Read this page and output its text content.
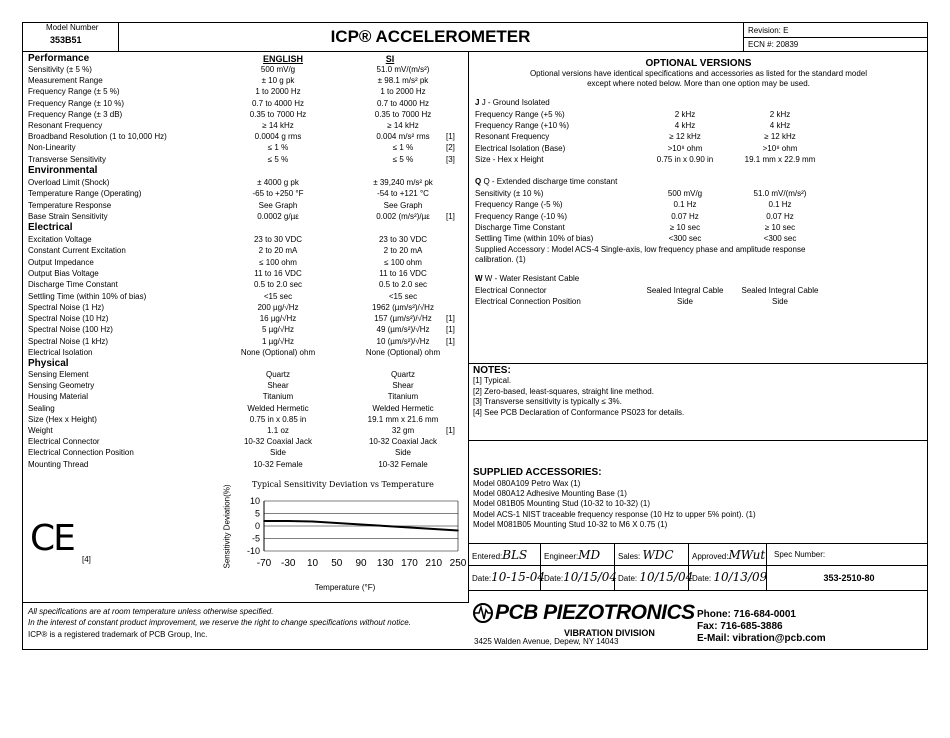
Model Number
353B51	ICP® ACCELEROMETER	Revision: E
ECN #: 20839
ENGLISH	SI
Performance
Sensitivity (± 5 %)	500 mV/g	51.0 mV/(m/s²)
Measurement Range	± 10 g pk	± 98.1 m/s² pk
Frequency Range (± 5 %)	1 to 2000 Hz	1 to 2000 Hz
Frequency Range (± 10 %)	0.7 to 4000 Hz	0.7 to 4000 Hz
Frequency Range (± 3 dB)	0.35 to 7000 Hz	0.35 to 7000 Hz
Resonant Frequency	≥ 14 kHz	≥ 14 kHz
Broadband Resolution (1 to 10,000 Hz)	0.0004 g rms	0.004 m/s² rms	[1]
Non-Linearity	≤ 1 %	≤ 1 %	[2]
Transverse Sensitivity	≤ 5 %	≤ 5 %	[3]
Environmental
Overload Limit (Shock)	± 4000 g pk	± 39,240 m/s² pk
Temperature Range (Operating)	-65 to +250 °F	-54 to +121 °C
Temperature Response	See Graph	See Graph
Base Strain Sensitivity	0.0002 g/µε	0.002 (m/s²)/µε	[1]
Electrical
Excitation Voltage	23 to 30 VDC	23 to 30 VDC
Constant Current Excitation	2 to 20 mA	2 to 20 mA
Output Impedance	≤ 100 ohm	≤ 100 ohm
Output Bias Voltage	11 to 16 VDC	11 to 16 VDC
Discharge Time Constant	0.5 to 2.0 sec	0.5 to 2.0 sec
Settling Time (within 10% of bias)	<15 sec	<15 sec
Spectral Noise (1 Hz)	200 µg/√Hz	1962 (µm/s²)/√Hz
Spectral Noise (10 Hz)	16 µg/√Hz	157 (µm/s²)/√Hz	[1]
Spectral Noise (100 Hz)	5 µg/√Hz	49 (µm/s²)/√Hz	[1]
Spectral Noise (1 kHz)	1 µg/√Hz	10 (µm/s²)/√Hz	[1]
Electrical Isolation	None (Optional) ohm	None (Optional) ohm
Physical
Sensing Element	Quartz	Quartz
Sensing Geometry	Shear	Shear
Housing Material	Titanium	Titanium
Sealing	Welded Hermetic	Welded Hermetic
Size (Hex x Height)	0.75 in x 0.85 in	19.1 mm x 21.6 mm
Weight	1.1 oz	32 gm	[1]
Electrical Connector	10-32 Coaxial Jack	10-32 Coaxial Jack
Electrical Connection Position	Side	Side
Mounting Thread	10-32 Female	10-32 Female
CE
[4]
Typical Sensitivity Deviation vs Temperature
Sensitivity Deviation(%)
Temperature (°F)
10
5
0
-5
-10
-70 -30 10 50 90 130 170 210 250
OPTIONAL VERSIONS
Optional versions have identical specifications and accessories as listed for the standard model
except where noted below. More than one option may be used.
J J - Ground Isolated
Frequency Range (+5 %)	2 kHz	2 kHz
Frequency Range (+10 %)	4 kHz	4 kHz
Resonant Frequency	≥ 12 kHz	≥ 12 kHz
Electrical Isolation (Base)	>10⁸ ohm	>10⁸ ohm
Size - Hex x Height	0.75 in x 0.90 in	19.1 mm x 22.9 mm
Q Q - Extended discharge time constant
Sensitivity (± 10 %)	500 mV/g	51.0 mV/(m/s²)
Frequency Range (-5 %)	0.1 Hz	0.1 Hz
Frequency Range (-10 %)	0.07 Hz	0.07 Hz
Discharge Time Constant	≥ 10 sec	≥ 10 sec
Settling Time (within 10% of bias)	<300 sec	<300 sec
Supplied Accessory : Model ACS-4 Single-axis, low frequency phase and amplitude response
calibration. (1)
W W - Water Resistant Cable
Electrical Connector	Sealed Integral Cable	Sealed Integral Cable
Electrical Connection Position	Side	Side
NOTES:
[1] Typical.
[2] Zero-based, least-squares, straight line method.
[3] Transverse sensitivity is typically ≤ 3%.
[4] See PCB Declaration of Conformance PS023 for details.
SUPPLIED ACCESSORIES:
Model 080A109 Petro Wax (1)
Model 080A12 Adhesive Mounting Base (1)
Model 081B05 Mounting Stud (10-32 to 10-32) (1)
Model ACS-1 NIST traceable frequency response (10 Hz to upper 5% point). (1)
Model M081B05 Mounting Stud 10-32 to M6 X 0.75 (1)
Entered:BLS Engineer:MD Sales: WDC Approved:MWut Spec Number:
Date:10-15-04
Date:10/15/04 Date: 10/15/04
Date: 10/13/09	353-2510-80
All specifications are at room temperature unless otherwise specified.
In the interest of constant product improvement, we reserve the right to change specifications without notice.
ICP® is a registered trademark of PCB Group, Inc.
PCB PIEZOTRONICS
VIBRATION DIVISION
3425 Walden Avenue, Depew, NY 14043
Phone: 716-684-0001
Fax: 716-685-3886
E-Mail: vibration@pcb.com
